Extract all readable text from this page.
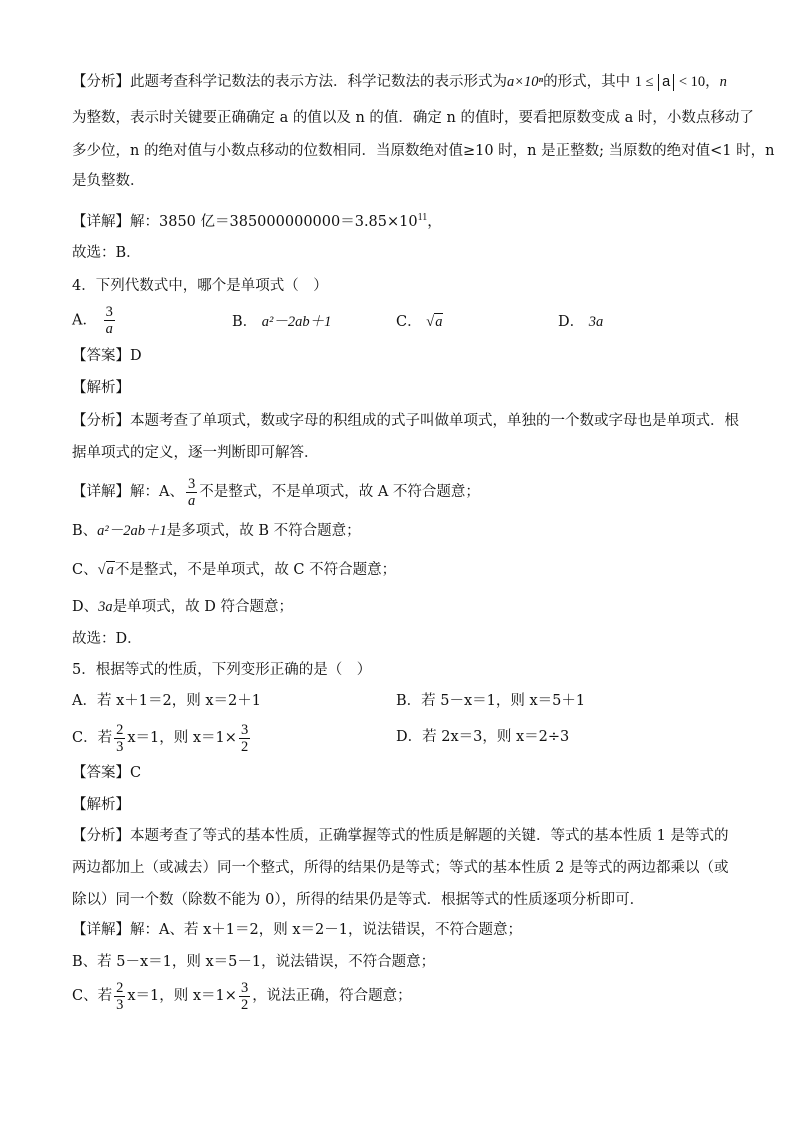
【分析】此题考查科学记数法的表示方法．科学记数法的表示形式为a×10ⁿ的形式，其中 1 ≤ a < 10，n
为整数，表示时关键要正确确定 a 的值以及 n 的值．确定 n 的值时，要看把原数变成 a 时，小数点移动了
多少位，n 的绝对值与小数点移动的位数相同．当原数绝对值≥10 时，n 是正整数; 当原数的绝对值<1 时，n
是负整数．
【详解】解：3850 亿$=385000000000=3.85\times 10^{11}$，
故选：B．
4．下列代数式中，哪个是单项式（　）
A． $\frac{3}{a}$	B． a²－2ab＋1	C． √a	D． 3a
【答案】D
【解析】
【分析】本题考查了单项式，数或字母的积组成的式子叫做单项式，单独的一个数或字母也是单项式．根
据单项式的定义，逐一判断即可解答．
【详解】解：A、 $\frac{3}{a}$ 不是整式，不是单项式，故 A 不符合题意；
B、a²－2ab＋1是多项式，故 B 不符合题意；
C、√a不是整式，不是单项式，故 C 不符合题意；
D、3a是单项式，故 D 符合题意；
故选：D．
5．根据等式的性质，下列变形正确的是（　）
A．若 x＋1＝2，则 x＝2＋1	B．若 5－x＝1，则 x＝5＋1
C．若 $\frac{2}{3} x=1$，则 $x=1\times \frac{3}{2}$	D．若 2x＝3，则 x＝2÷3
【答案】C
【解析】
【分析】本题考查了等式的基本性质，正确掌握等式的性质是解题的关键．等式的基本性质 1 是等式的两边都加上（或减去）同一个整式，所得的结果仍是等式；等式的基本性质 2 是等式的两边都乘以（或除以）同一个数（除数不能为 0），所得的结果仍是等式．根据等式的性质逐项分析即可．
【详解】解：A、若 x＋1＝2，则 x＝2－1，说法错误，不符合题意；
B、若 5－x＝1，则 x＝5－1，说法错误，不符合题意；
C、若 $\frac{2}{3} x=1$，则 $x=1\times \frac{3}{2}$ ，说法正确，符合题意；
